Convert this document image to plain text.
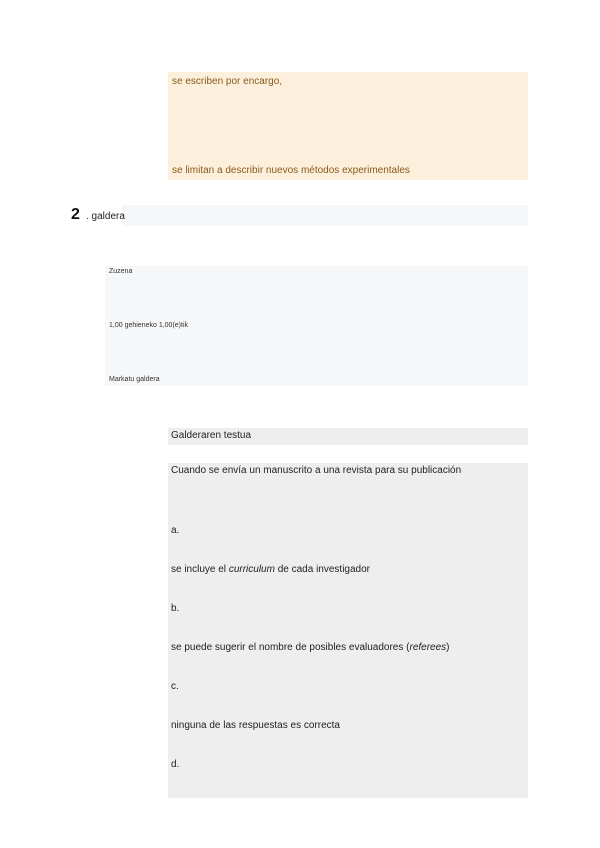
se escriben por encargo,
se limitan a describir nuevos métodos experimentales
2 . galdera
Zuzena
1,00 gehieneko 1,00(e)tik
Markatu galdera
Galderaren testua
Cuando se envía un manuscrito a una revista para su publicación
a.
se incluye el curriculum de cada investigador
b.
se puede sugerir el nombre de posibles evaluadores (referees)
c.
ninguna de las respuestas es correcta
d.
